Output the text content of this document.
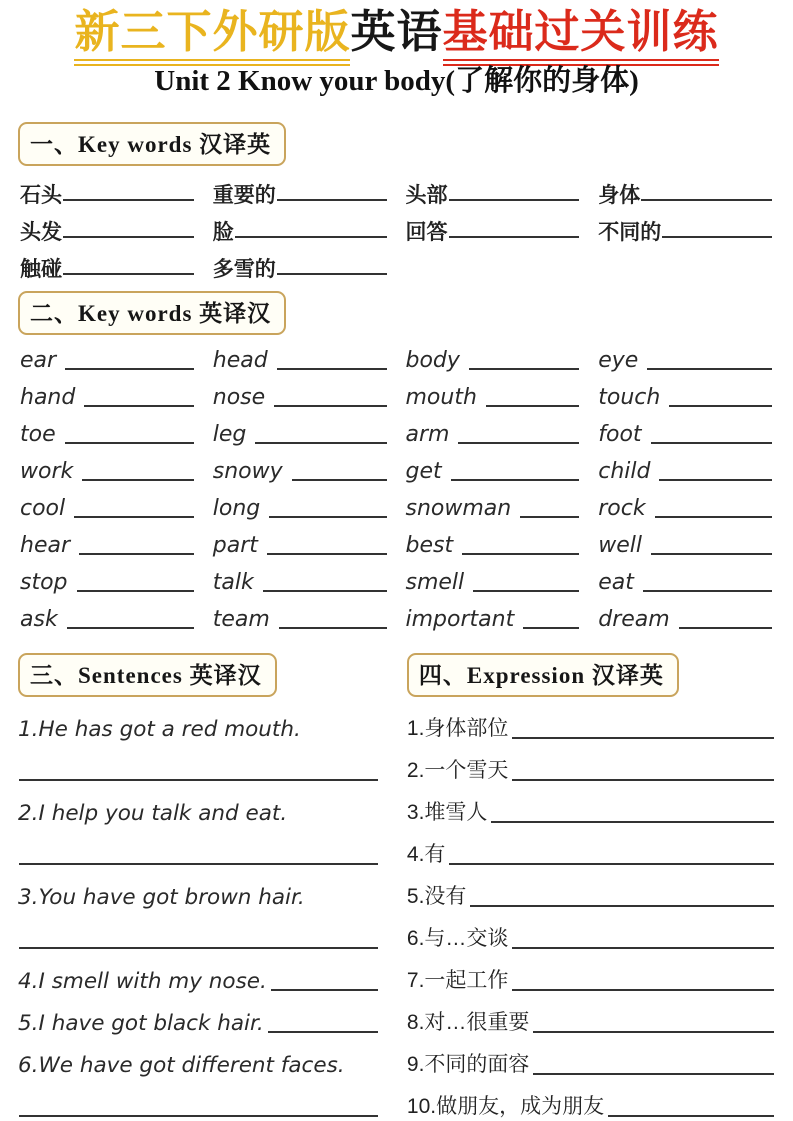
新三下外研版英语基础过关训练
Unit 2 Know your body(了解你的身体)
一、Key words 汉译英
石头	重要的	头部	身体
头发	脸	回答	不同的
触碰	多雪的
二、Key words 英译汉
ear	head	body	eye
hand	nose	mouth	touch
toe	leg	arm	foot
work	snowy	get	child
cool	long	snowman	rock
hear	part	best	well
stop	talk	smell	eat
ask	team	important	dream
三、Sentences 英译汉
1.He has got a red mouth.
2.I help you talk and eat.
3.You have got brown hair.
4.I smell with my nose.
5.I have got black hair.
6.We have got different faces.
四、Expression 汉译英
1.身体部位
2.一个雪天
3.堆雪人
4.有
5.没有
6.与…交谈
7.一起工作
8.对…很重要
9.不同的面容
10.做朋友，成为朋友
